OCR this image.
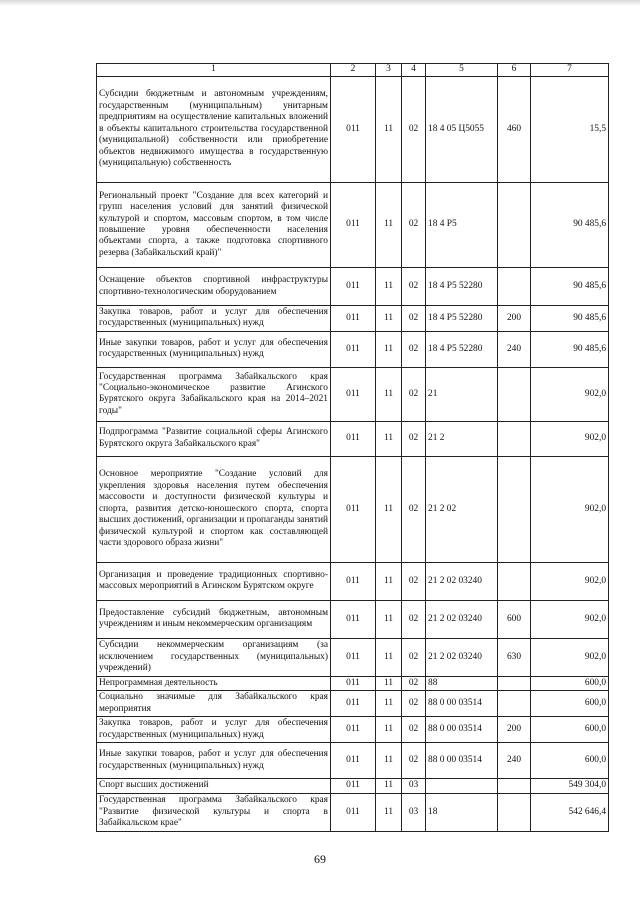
1	2	3	4	5	6	7
Субсидии бюджетным и автономным учреждениям, государственным (муниципальным) унитарным предприятиям на осуществление капитальных вложений в объекты капитального строительства государственной (муниципальной) собственности или приобретение объектов недвижимого имущества в государственную (муниципальную) собственность	011	11	02	18 4 05 Ц5055	460	15,5
Региональный проект "Создание для всех категорий и групп населения условий для занятий физической культурой и спортом, массовым спортом, в том числе повышение уровня обеспеченности населения объектами спорта, а также подготовка спортивного резерва (Забайкальский край)"	011	11	02	18 4 P5		90 485,6
Оснащение объектов спортивной инфраструктуры спортивно-технологическим оборудованием	011	11	02	18 4 P5 52280		90 485,6
Закупка товаров, работ и услуг для обеспечения государственных (муниципальных) нужд	011	11	02	18 4 P5 52280	200	90 485,6
Иные закупки товаров, работ и услуг для обеспечения государственных (муниципальных) нужд	011	11	02	18 4 P5 52280	240	90 485,6
Государственная программа Забайкальского края "Социально-экономическое развитие Агинского Бурятского округа Забайкальского края на 2014–2021 годы"	011	11	02	21		902,0
Подпрограмма "Развитие социальной сферы Агинского Бурятского округа Забайкальского края"	011	11	02	21 2		902,0
Основное мероприятие "Создание условий для укрепления здоровья населения путем обеспечения массовости и доступности физической культуры и спорта, развития детско-юношеского спорта, спорта высших достижений, организации и пропаганды занятий физической культурой и спортом как составляющей части здорового образа жизни"	011	11	02	21 2 02		902,0
Организация и проведение традиционных спортивно-массовых мероприятий в Агинском Бурятском округе	011	11	02	21 2 02 03240		902,0
Предоставление субсидий бюджетным, автономным учреждениям и иным некоммерческим организациям	011	11	02	21 2 02 03240	600	902,0
Субсидии некоммерческим организациям (за исключением государственных (муниципальных) учреждений)	011	11	02	21 2 02 03240	630	902,0
Непрограммная деятельность	011	11	02	88		600,0
Социально значимые для Забайкальского края мероприятия	011	11	02	88 0 00 03514		600,0
Закупка товаров, работ и услуг для обеспечения государственных (муниципальных) нужд	011	11	02	88 0 00 03514	200	600,0
Иные закупки товаров, работ и услуг для обеспечения государственных (муниципальных) нужд	011	11	02	88 0 00 03514	240	600,0
Спорт высших достижений	011	11	03			549 304,0
Государственная программа Забайкальского края "Развитие физической культуры и спорта в Забайкальском крае"	011	11	03	18		542 646,4
69
